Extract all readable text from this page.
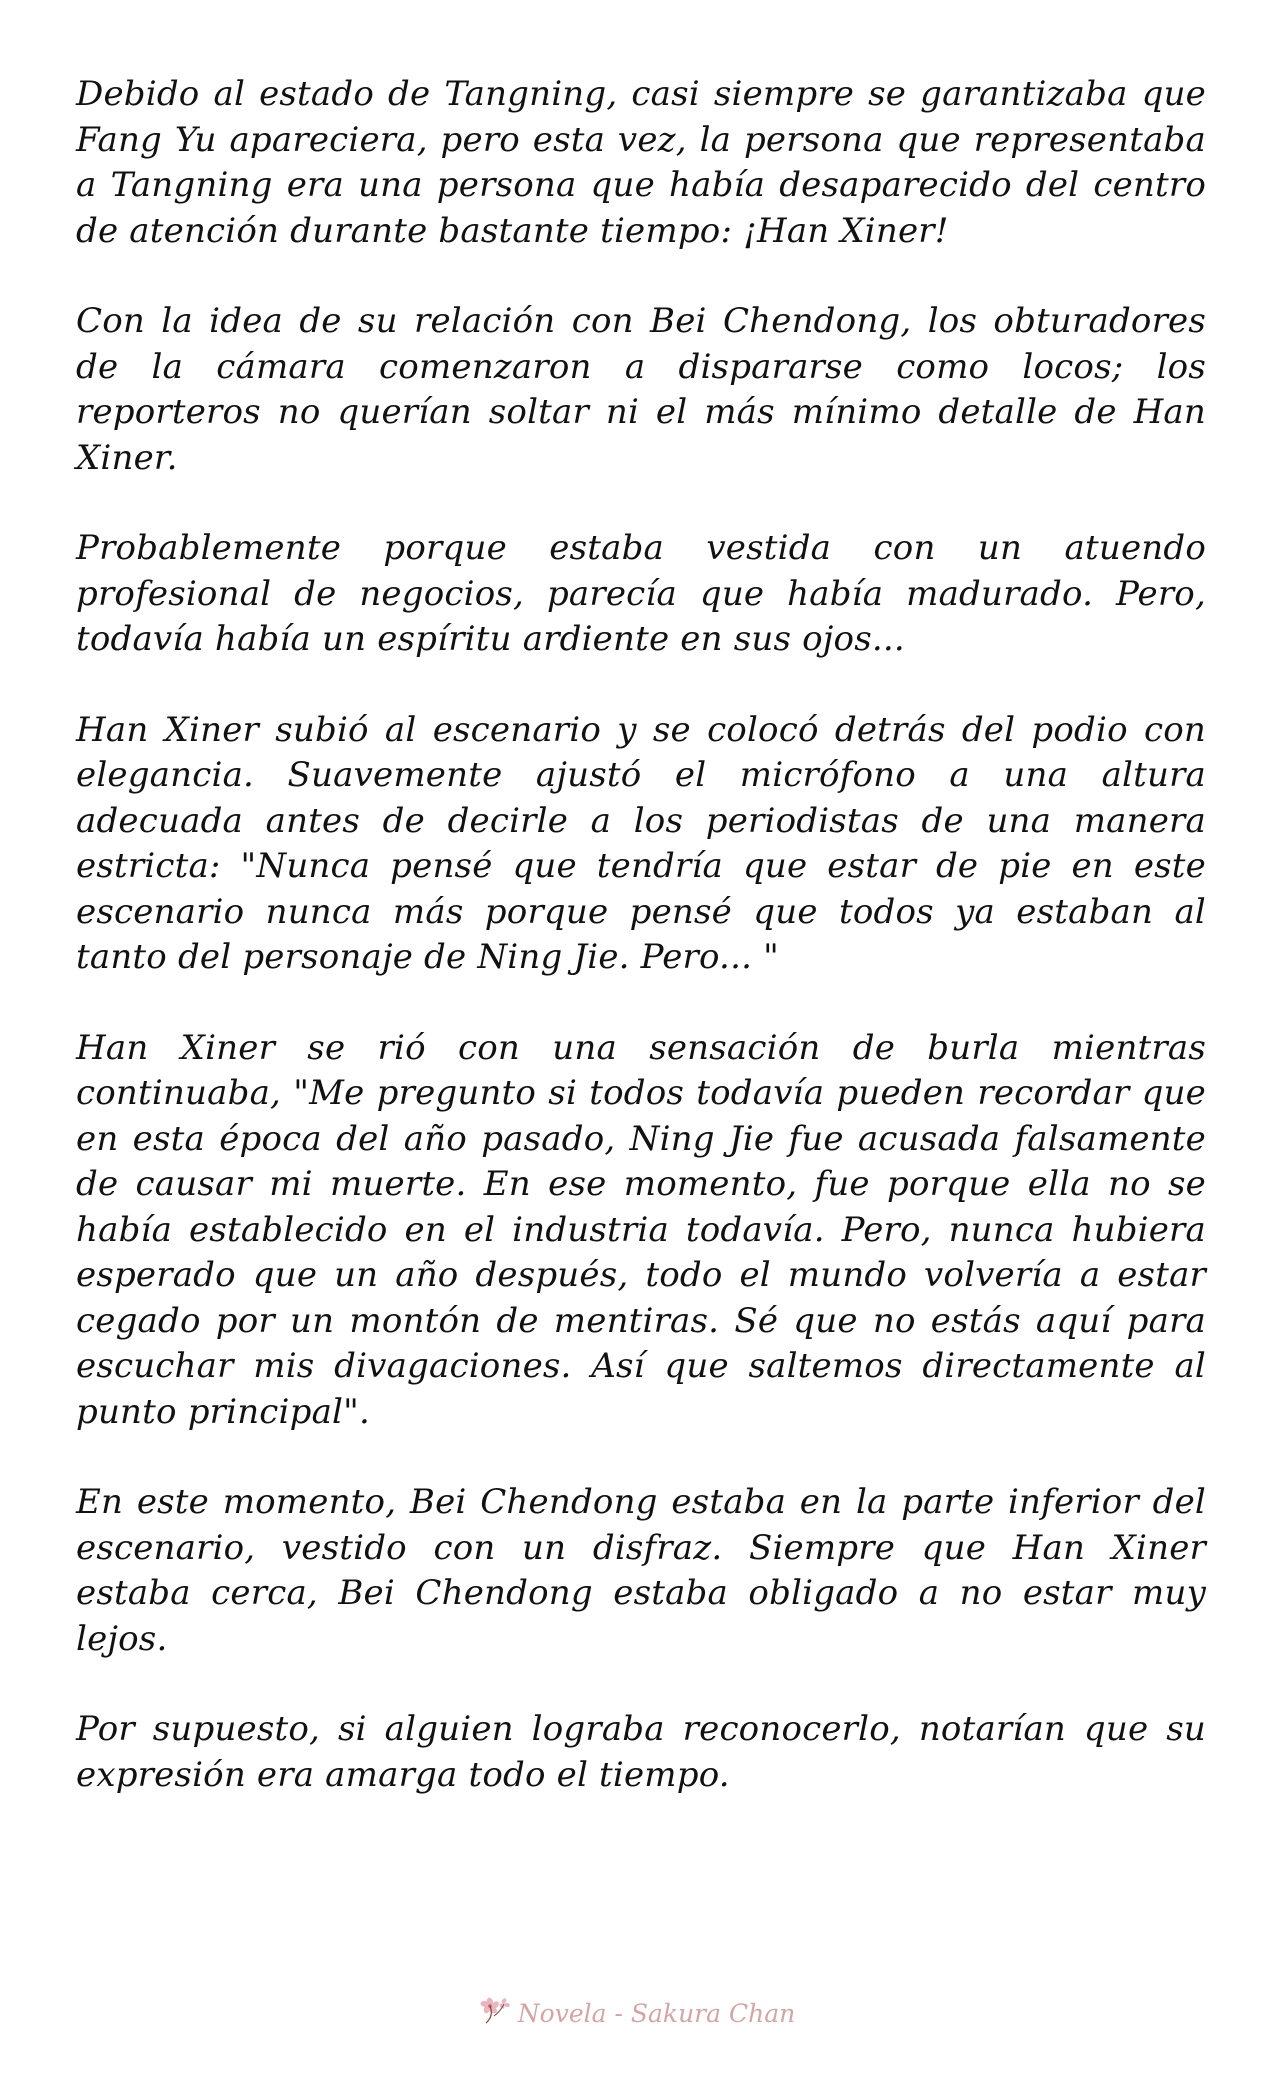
Debido al estado de Tangning, casi siempre se garantizaba que Fang Yu apareciera, pero esta vez, la persona que representaba a Tangning era una persona que había desaparecido del centro de atención durante bastante tiempo: ¡Han Xiner!

Con la idea de su relación con Bei Chendong, los obturadores de la cámara comenzaron a dispararse como locos; los reporteros no querían soltar ni el más mínimo detalle de Han Xiner.

Probablemente porque estaba vestida con un atuendo profesional de negocios, parecía que había madurado. Pero, todavía había un espíritu ardiente en sus ojos...

Han Xiner subió al escenario y se colocó detrás del podio con elegancia. Suavemente ajustó el micrófono a una altura adecuada antes de decirle a los periodistas de una manera estricta: "Nunca pensé que tendría que estar de pie en este escenario nunca más porque pensé que todos ya estaban al tanto del personaje de Ning Jie. Pero... "

Han Xiner se rió con una sensación de burla mientras continuaba, "Me pregunto si todos todavía pueden recordar que en esta época del año pasado, Ning Jie fue acusada falsamente de causar mi muerte. En ese momento, fue porque ella no se había establecido en el industria todavía. Pero, nunca hubiera esperado que un año después, todo el mundo volvería a estar cegado por un montón de mentiras. Sé que no estás aquí para escuchar mis divagaciones. Así que saltemos directamente al punto principal".

En este momento, Bei Chendong estaba en la parte inferior del escenario, vestido con un disfraz. Siempre que Han Xiner estaba cerca, Bei Chendong estaba obligado a no estar muy lejos.

Por supuesto, si alguien lograba reconocerlo, notarían que su expresión era amarga todo el tiempo.

Novela - Sakura Chan
